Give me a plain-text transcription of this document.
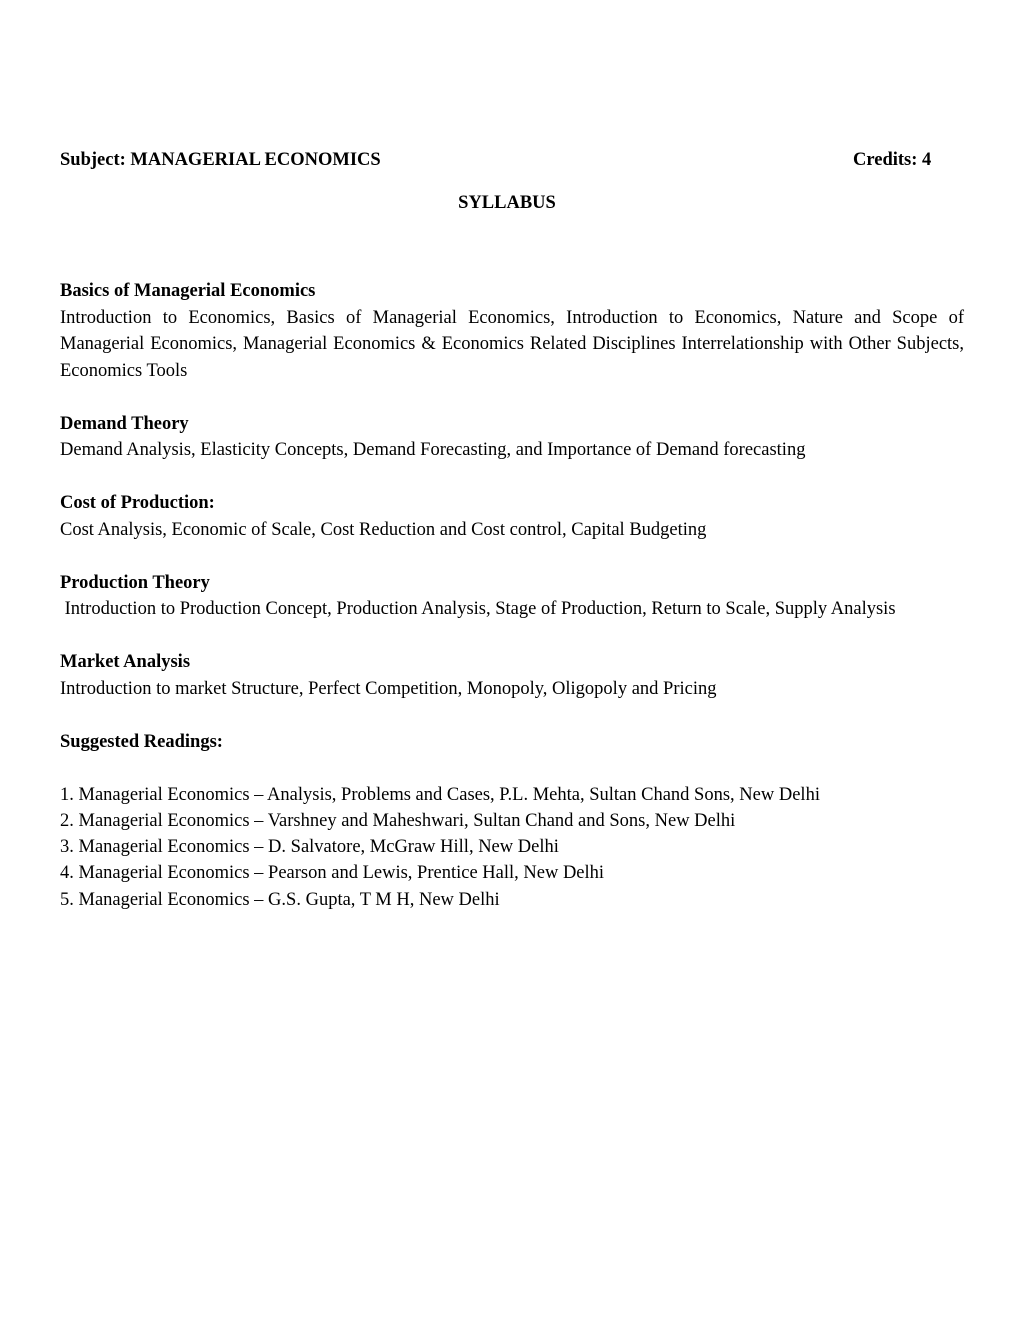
Subject: MANAGERIAL ECONOMICS	Credits: 4
SYLLABUS
Basics of Managerial Economics
Introduction to Economics, Basics of Managerial Economics, Introduction to Economics, Nature and Scope of Managerial Economics, Managerial Economics & Economics Related Disciplines Interrelationship with Other Subjects, Economics Tools
Demand Theory
Demand Analysis, Elasticity Concepts, Demand Forecasting, and Importance of Demand forecasting
Cost of Production:
Cost Analysis, Economic of Scale, Cost Reduction and Cost control, Capital Budgeting
Production Theory
Introduction to Production Concept, Production Analysis, Stage of Production, Return to Scale, Supply Analysis
Market Analysis
Introduction to market Structure, Perfect Competition, Monopoly, Oligopoly and Pricing
Suggested Readings:
1. Managerial Economics – Analysis, Problems and Cases, P.L. Mehta, Sultan Chand Sons, New Delhi
2. Managerial Economics – Varshney and Maheshwari, Sultan Chand and Sons, New Delhi
3. Managerial Economics – D. Salvatore, McGraw Hill, New Delhi
4. Managerial Economics – Pearson and Lewis, Prentice Hall, New Delhi
5. Managerial Economics – G.S. Gupta, T M H, New Delhi
